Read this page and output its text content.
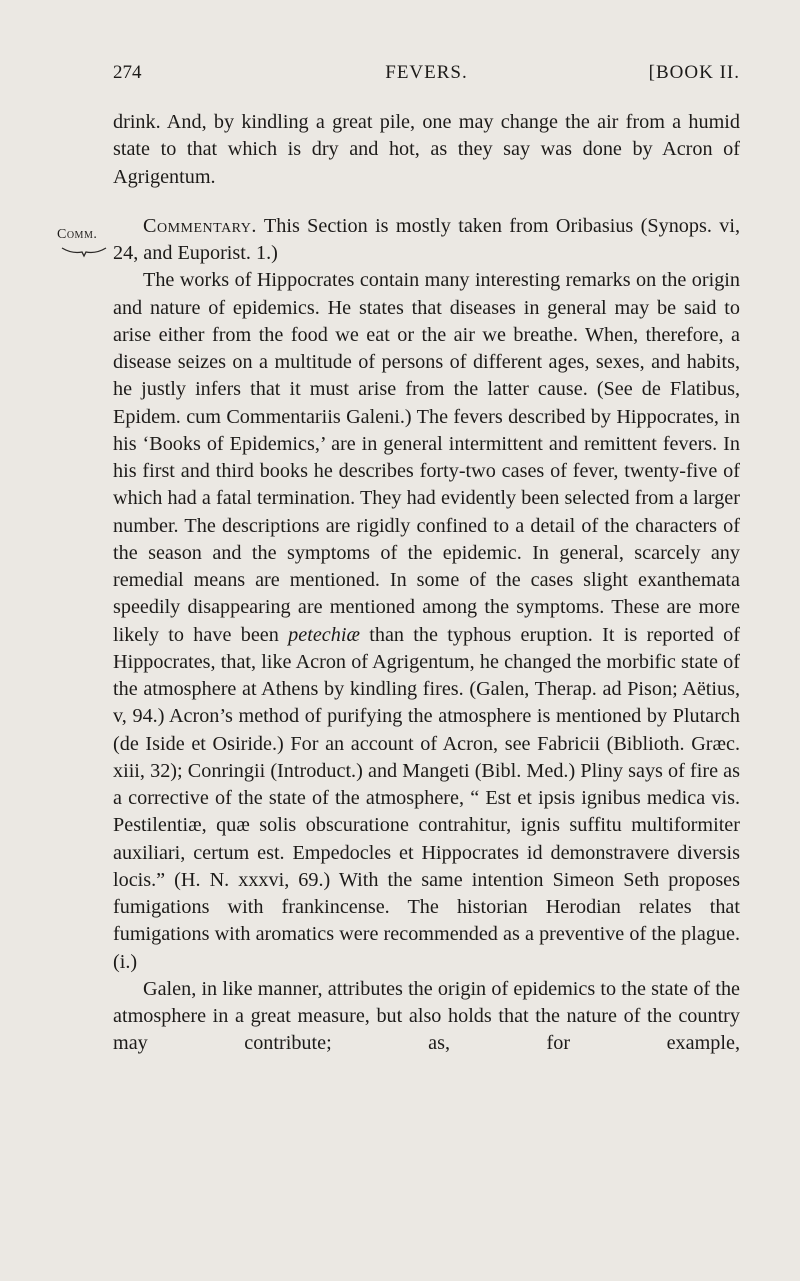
274	FEVERS.	[BOOK II.
Comm.

drink. And, by kindling a great pile, one may change the air from a humid state to that which is dry and hot, as they say was done by Acron of Agrigentum.

Commentary. This Section is mostly taken from Oribasius (Synops. vi, 24, and Euporist. 1.)

The works of Hippocrates contain many interesting remarks on the origin and nature of epidemics. He states that diseases in general may be said to arise either from the food we eat or the air we breathe. When, therefore, a disease seizes on a multitude of persons of different ages, sexes, and habits, he justly infers that it must arise from the latter cause. (See de Flatibus, Epidem. cum Commentariis Galeni.) The fevers described by Hippocrates, in his ‘Books of Epidemics,’ are in general intermittent and remittent fevers. In his first and third books he describes forty-two cases of fever, twenty-five of which had a fatal termination. They had evidently been selected from a larger number. The descriptions are rigidly confined to a detail of the characters of the season and the symptoms of the epidemic. In general, scarcely any remedial means are mentioned. In some of the cases slight exanthemata speedily disappearing are mentioned among the symptoms. These are more likely to have been petechiæ than the typhous eruption. It is reported of Hippocrates, that, like Acron of Agrigentum, he changed the morbific state of the atmosphere at Athens by kindling fires. (Galen, Therap. ad Pison; Aëtius, v, 94.) Acron’s method of purifying the atmosphere is mentioned by Plutarch (de Iside et Osiride.) For an account of Acron, see Fabricii (Biblioth. Græc. xiii, 32); Conringii (Introduct.) and Mangeti (Bibl. Med.) Pliny says of fire as a corrective of the state of the atmosphere, “ Est et ipsis ignibus medica vis. Pestilentiæ, quæ solis obscuratione contrahitur, ignis suffitu multiformiter auxiliari, certum est. Empedocles et Hippocrates id demonstravere diversis locis.” (H. N. xxxvi, 69.) With the same intention Simeon Seth proposes fumigations with frankincense. The historian Herodian relates that fumigations with aromatics were recommended as a preventive of the plague. (i.)

Galen, in like manner, attributes the origin of epidemics to the state of the atmosphere in a great measure, but also holds that the nature of the country may contribute; as, for example,
